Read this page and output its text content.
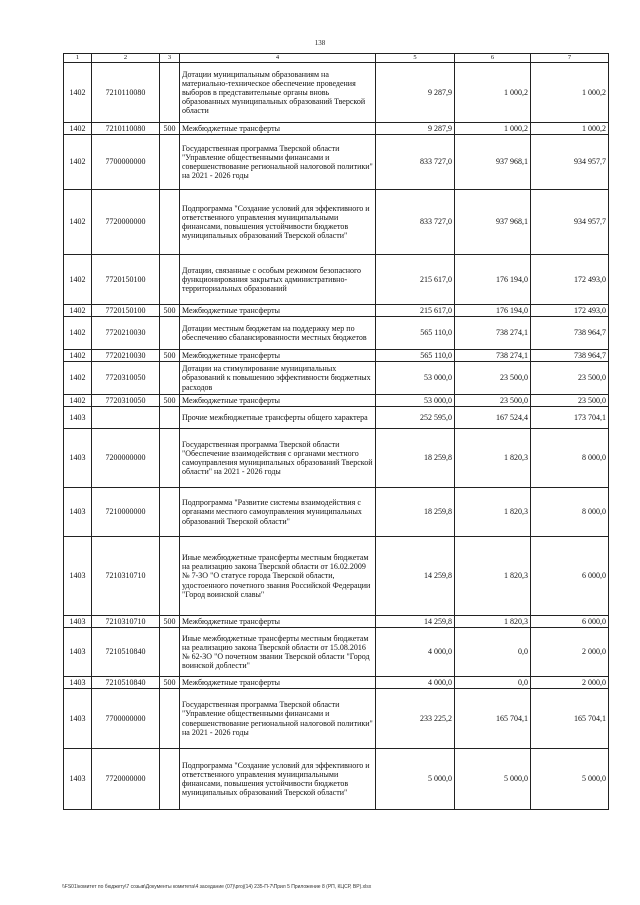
138
1	2	3	4	5	6	7
1402	7210110080		Дотации муниципальным образованиям на материально-техническое обеспечение проведения выборов в представительные органы вновь образованных муниципальных образований Тверской области	9 287,9	1 000,2	1 000,2
1402	7210110080	500	Межбюджетные трансферты	9 287,9	1 000,2	1 000,2
1402	7700000000		Государственная программа Тверской области "Управление общественными финансами и совершенствование региональной налоговой политики" на 2021 - 2026 годы	833 727,0	937 968,1	934 957,7
1402	7720000000		Подпрограмма "Создание условий для эффективного и ответственного управления муниципальными финансами, повышения устойчивости бюджетов муниципальных образований Тверской области"	833 727,0	937 968,1	934 957,7
1402	7720150100		Дотации, связанные с особым режимом безопасного функционирования закрытых административно-территориальных образований	215 617,0	176 194,0	172 493,0
1402	7720150100	500	Межбюджетные трансферты	215 617,0	176 194,0	172 493,0
1402	7720210030		Дотации местным бюджетам на поддержку мер по обеспечению сбалансированности местных бюджетов	565 110,0	738 274,1	738 964,7
1402	7720210030	500	Межбюджетные трансферты	565 110,0	738 274,1	738 964,7
1402	7720310050		Дотации на стимулирование муниципальных образований к повышению эффективности бюджетных расходов	53 000,0	23 500,0	23 500,0
1402	7720310050	500	Межбюджетные трансферты	53 000,0	23 500,0	23 500,0
1403			Прочие межбюджетные трансферты общего характера	252 595,0	167 524,4	173 704,1
1403	7200000000		Государственная программа Тверской области "Обеспечение взаимодействия с органами местного самоуправления муниципальных образований Тверской области" на 2021 - 2026 годы	18 259,8	1 820,3	8 000,0
1403	7210000000		Подпрограмма "Развитие системы взаимодействия с органами местного самоуправления муниципальных образований Тверской области"	18 259,8	1 820,3	8 000,0
1403	7210310710		Иные межбюджетные трансферты местным бюджетам на реализацию закона Тверской области от 16.02.2009 № 7-ЗО "О статусе города Тверской области, удостоенного почетного звания Российской Федерации "Город воинской славы"	14 259,8	1 820,3	6 000,0
1403	7210310710	500	Межбюджетные трансферты	14 259,8	1 820,3	6 000,0
1403	7210510840		Иные межбюджетные трансферты местным бюджетам на реализацию закона Тверской области от 15.08.2016 № 62-ЗО "О почетном звании Тверской области "Город воинской доблести"	4 000,0	0,0	2 000,0
1403	7210510840	500	Межбюджетные трансферты	4 000,0	0,0	2 000,0
1403	7700000000		Государственная программа Тверской области "Управление общественными финансами и совершенствование региональной налоговой политики" на 2021 - 2026 годы	233 225,2	165 704,1	165 704,1
1403	7720000000		Подпрограмма "Создание условий для эффективного и ответственного управления муниципальными финансами, повышения устойчивости бюджетов муниципальных образований Тверской области"	5 000,0	5 000,0	5 000,0
\\FS01\комитет по бюджету\7 созыв\Документы комитета\4 заседание (07)\proj(14) 235-П-7\Прил 5 Приложение 8 (РП, КЦСР, ВР).xlsx
